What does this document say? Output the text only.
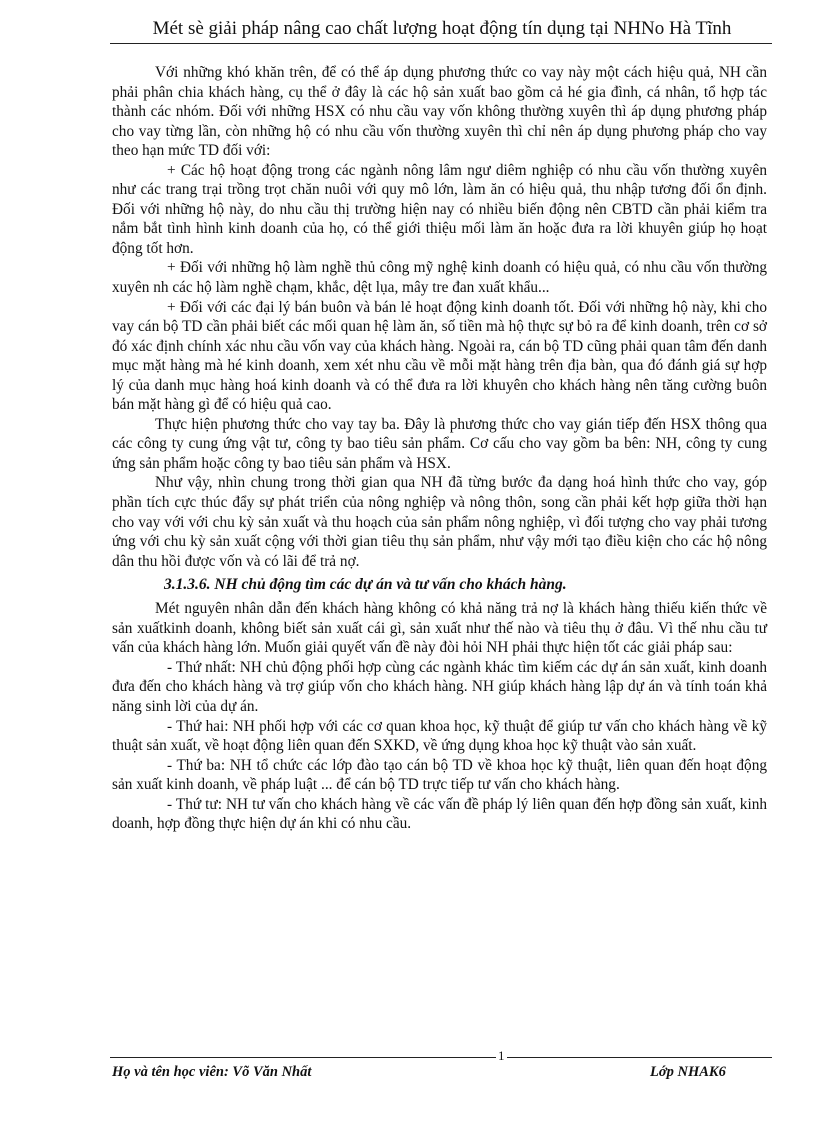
Mét sè giải pháp nâng cao chất lượng hoạt động tín dụng tại NHNo Hà Tĩnh

Với những khó khăn trên, để có thể áp dụng phương thức co vay này một cách hiệu quả, NH cần phải phân chia khách hàng, cụ thể ở đây là các hộ sản xuất bao gồm cả hé gia đình, cá nhân, tổ hợp tác thành các nhóm. Đối với những HSX có nhu cầu vay vốn không thường xuyên thì áp dụng phương pháp cho vay từng lần, còn những hộ có nhu cầu vốn thường xuyên thì chỉ nên áp dụng phương pháp cho vay theo hạn mức TD đối với:

+ Các hộ hoạt động trong các ngành nông lâm ngư diêm nghiệp có nhu cầu vốn thường xuyên như các trang trại trồng trọt chăn nuôi với quy mô lớn, làm ăn có hiệu quả, thu nhập tương đối ổn định. Đối với những hộ này, do nhu cầu thị trường hiện nay có nhiều biến động nên CBTD cần phải kiểm tra nắm bắt tình hình kinh doanh của họ, có thể giới thiệu mối làm ăn hoặc đưa ra lời khuyên giúp họ hoạt động tốt hơn.

+ Đối với những hộ làm nghề thủ công mỹ nghệ kinh doanh có hiệu quả, có nhu cầu vốn thường xuyên nh các hộ làm nghề chạm, khắc, dệt lụa, mây tre đan xuất khẩu...

+ Đối với các đại lý bán buôn và bán lẻ hoạt động kinh doanh tốt. Đối với những hộ này, khi cho vay cán bộ TD cần phải biết các mối quan hệ làm ăn, số tiền mà hộ thực sự bỏ ra để kinh doanh, trên cơ sở đó xác định chính xác nhu cầu vốn vay của khách hàng. Ngoài ra, cán bộ TD cũng phải quan tâm đến danh mục mặt hàng mà hé kinh doanh, xem xét nhu cầu về mỗi mặt hàng trên địa bàn, qua đó đánh giá sự hợp lý của danh mục hàng hoá kinh doanh và có thể đưa ra lời khuyên cho khách hàng nên tăng cường buôn bán mặt hàng gì để có hiệu quả cao.

Thực hiện phương thức cho vay tay ba. Đây là phương thức cho vay gián tiếp đến HSX thông qua các công ty cung ứng vật tư, công ty bao tiêu sản phẩm. Cơ cấu cho vay gồm ba bên: NH, công ty cung ứng sản phẩm hoặc công ty bao tiêu sản phẩm và HSX.

Như vậy, nhìn chung trong thời gian qua NH đã từng bước đa dạng hoá hình thức cho vay, góp phần tích cực thúc đẩy sự phát triển của nông nghiệp và nông thôn, song cần phải kết hợp giữa thời hạn cho vay với với chu kỳ sản xuất và thu hoạch của sản phẩm nông nghiệp, vì đối tượng cho vay phải tương ứng với chu kỳ sản xuất cộng với thời gian tiêu thụ sản phẩm, như vậy mới tạo điều kiện cho các hộ nông dân thu hồi được vốn và có lãi để trả nợ.

3.1.3.6. NH chủ động tìm các dự án và tư vấn cho khách hàng.

Mét nguyên nhân dẫn đến khách hàng không có khả năng trả nợ là khách hàng thiếu kiến thức về sản xuấtkinh doanh, không biết sản xuất cái gì, sản xuất như thế nào và tiêu thụ ở đâu. Vì thế nhu cầu tư vấn của khách hàng lớn. Muốn giải quyết vấn đề này đòi hỏi NH phải thực hiện tốt các giải pháp sau:

- Thứ nhất: NH chủ động phối hợp cùng các ngành khác tìm kiếm các dự án sản xuất, kinh doanh đưa đến cho khách hàng và trợ giúp vốn cho khách hàng. NH giúp khách hàng lập dự án và tính toán khả năng sinh lời của dự án.

- Thứ hai: NH phối hợp với các cơ quan khoa học, kỹ thuật để giúp tư vấn cho khách hàng về kỹ thuật sản xuất, về hoạt động liên quan đến SXKD, về ứng dụng khoa học kỹ thuật vào sản xuất.

- Thứ ba: NH tổ chức các lớp đào tạo cán bộ TD về khoa học kỹ thuật, liên quan đến hoạt động sản xuất kinh doanh, về pháp luật ... để cán bộ TD trực tiếp tư vấn cho khách hàng.

- Thứ tư: NH tư vấn cho khách hàng về các vấn đề pháp lý liên quan đến hợp đồng sản xuất, kinh doanh, hợp đồng thực hiện dự án khi có nhu cầu.

1
Họ và tên học viên: Võ Văn Nhất	Lớp NHAK6
